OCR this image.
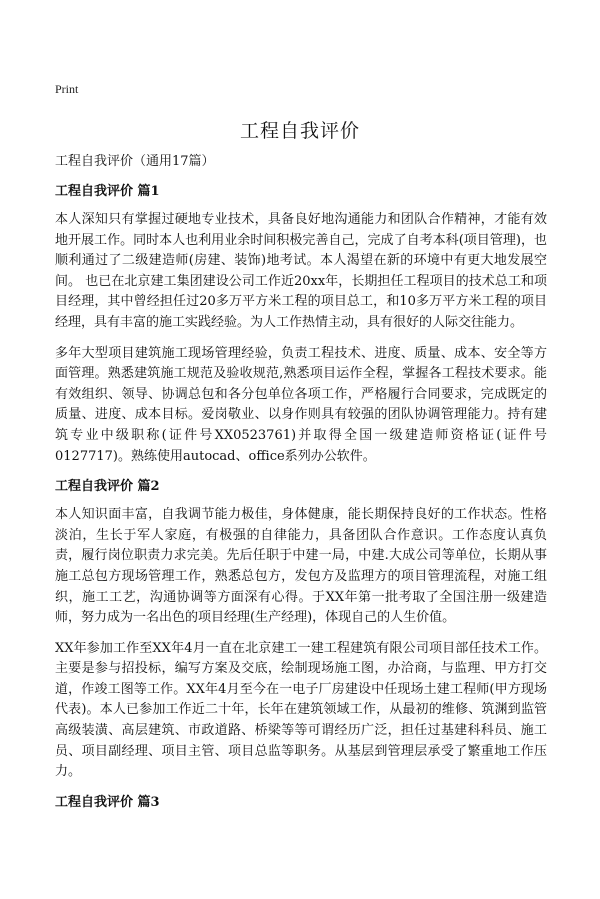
Print
工程自我评价

工程自我评价（通用17篇）

工程自我评价 篇1

本人深知只有掌握过硬地专业技术，具备良好地沟通能力和团队合作精神，才能有效地开展工作。同时本人也利用业余时间积极完善自己，完成了自考本科(项目管理)，也顺利通过了二级建造师(房建、装饰)地考试。本人渴望在新的环境中有更大地发展空间。 也已在北京建工集团建设公司工作近20xx年，长期担任工程项目的技术总工和项目经理，其中曾经担任过20多万平方米工程的项目总工，和10多万平方米工程的项目经理，具有丰富的施工实践经验。为人工作热情主动，具有很好的人际交往能力。

多年大型项目建筑施工现场管理经验，负责工程技术、进度、质量、成本、安全等方面管理。熟悉建筑施工规范及验收规范,熟悉项目运作全程，掌握各工程技术要求。能有效组织、领导、协调总包和各分包单位各项工作，严格履行合同要求，完成既定的质量、进度、成本目标。爱岗敬业、以身作则具有较强的团队协调管理能力。持有建筑专业中级职称(证件号XX0523761)并取得全国一级建造师资格证(证件号0127717)。熟练使用autocad、office系列办公软件。

工程自我评价 篇2

本人知识面丰富，自我调节能力极佳，身体健康，能长期保持良好的工作状态。性格淡泊，生长于军人家庭，有极强的自律能力，具备团队合作意识。工作态度认真负责，履行岗位职责力求完美。先后任职于中建一局，中建.大成公司等单位，长期从事施工总包方现场管理工作，熟悉总包方，发包方及监理方的项目管理流程，对施工组织，施工工艺，沟通协调等方面深有心得。于XX年第一批考取了全国注册一级建造师，努力成为一名出色的项目经理(生产经理)，体现自己的人生价值。

XX年参加工作至XX年4月一直在北京建工一建工程建筑有限公司项目部任技术工作。主要是参与招投标，编写方案及交底，绘制现场施工图，办洽商，与监理、甲方打交道，作竣工图等工作。XX年4月至今在一电子厂房建设中任现场土建工程师(甲方现场代表)。本人已参加工作近二十年，长年在建筑领域工作，从最初的维修、筑渊到监管高级装潢、高层建筑、市政道路、桥梁等等可谓经历广泛，担任过基建科科员、施工员、项目副经理、项目主管、项目总监等职务。从基层到管理层承受了繁重地工作压力。

工程自我评价 篇3
